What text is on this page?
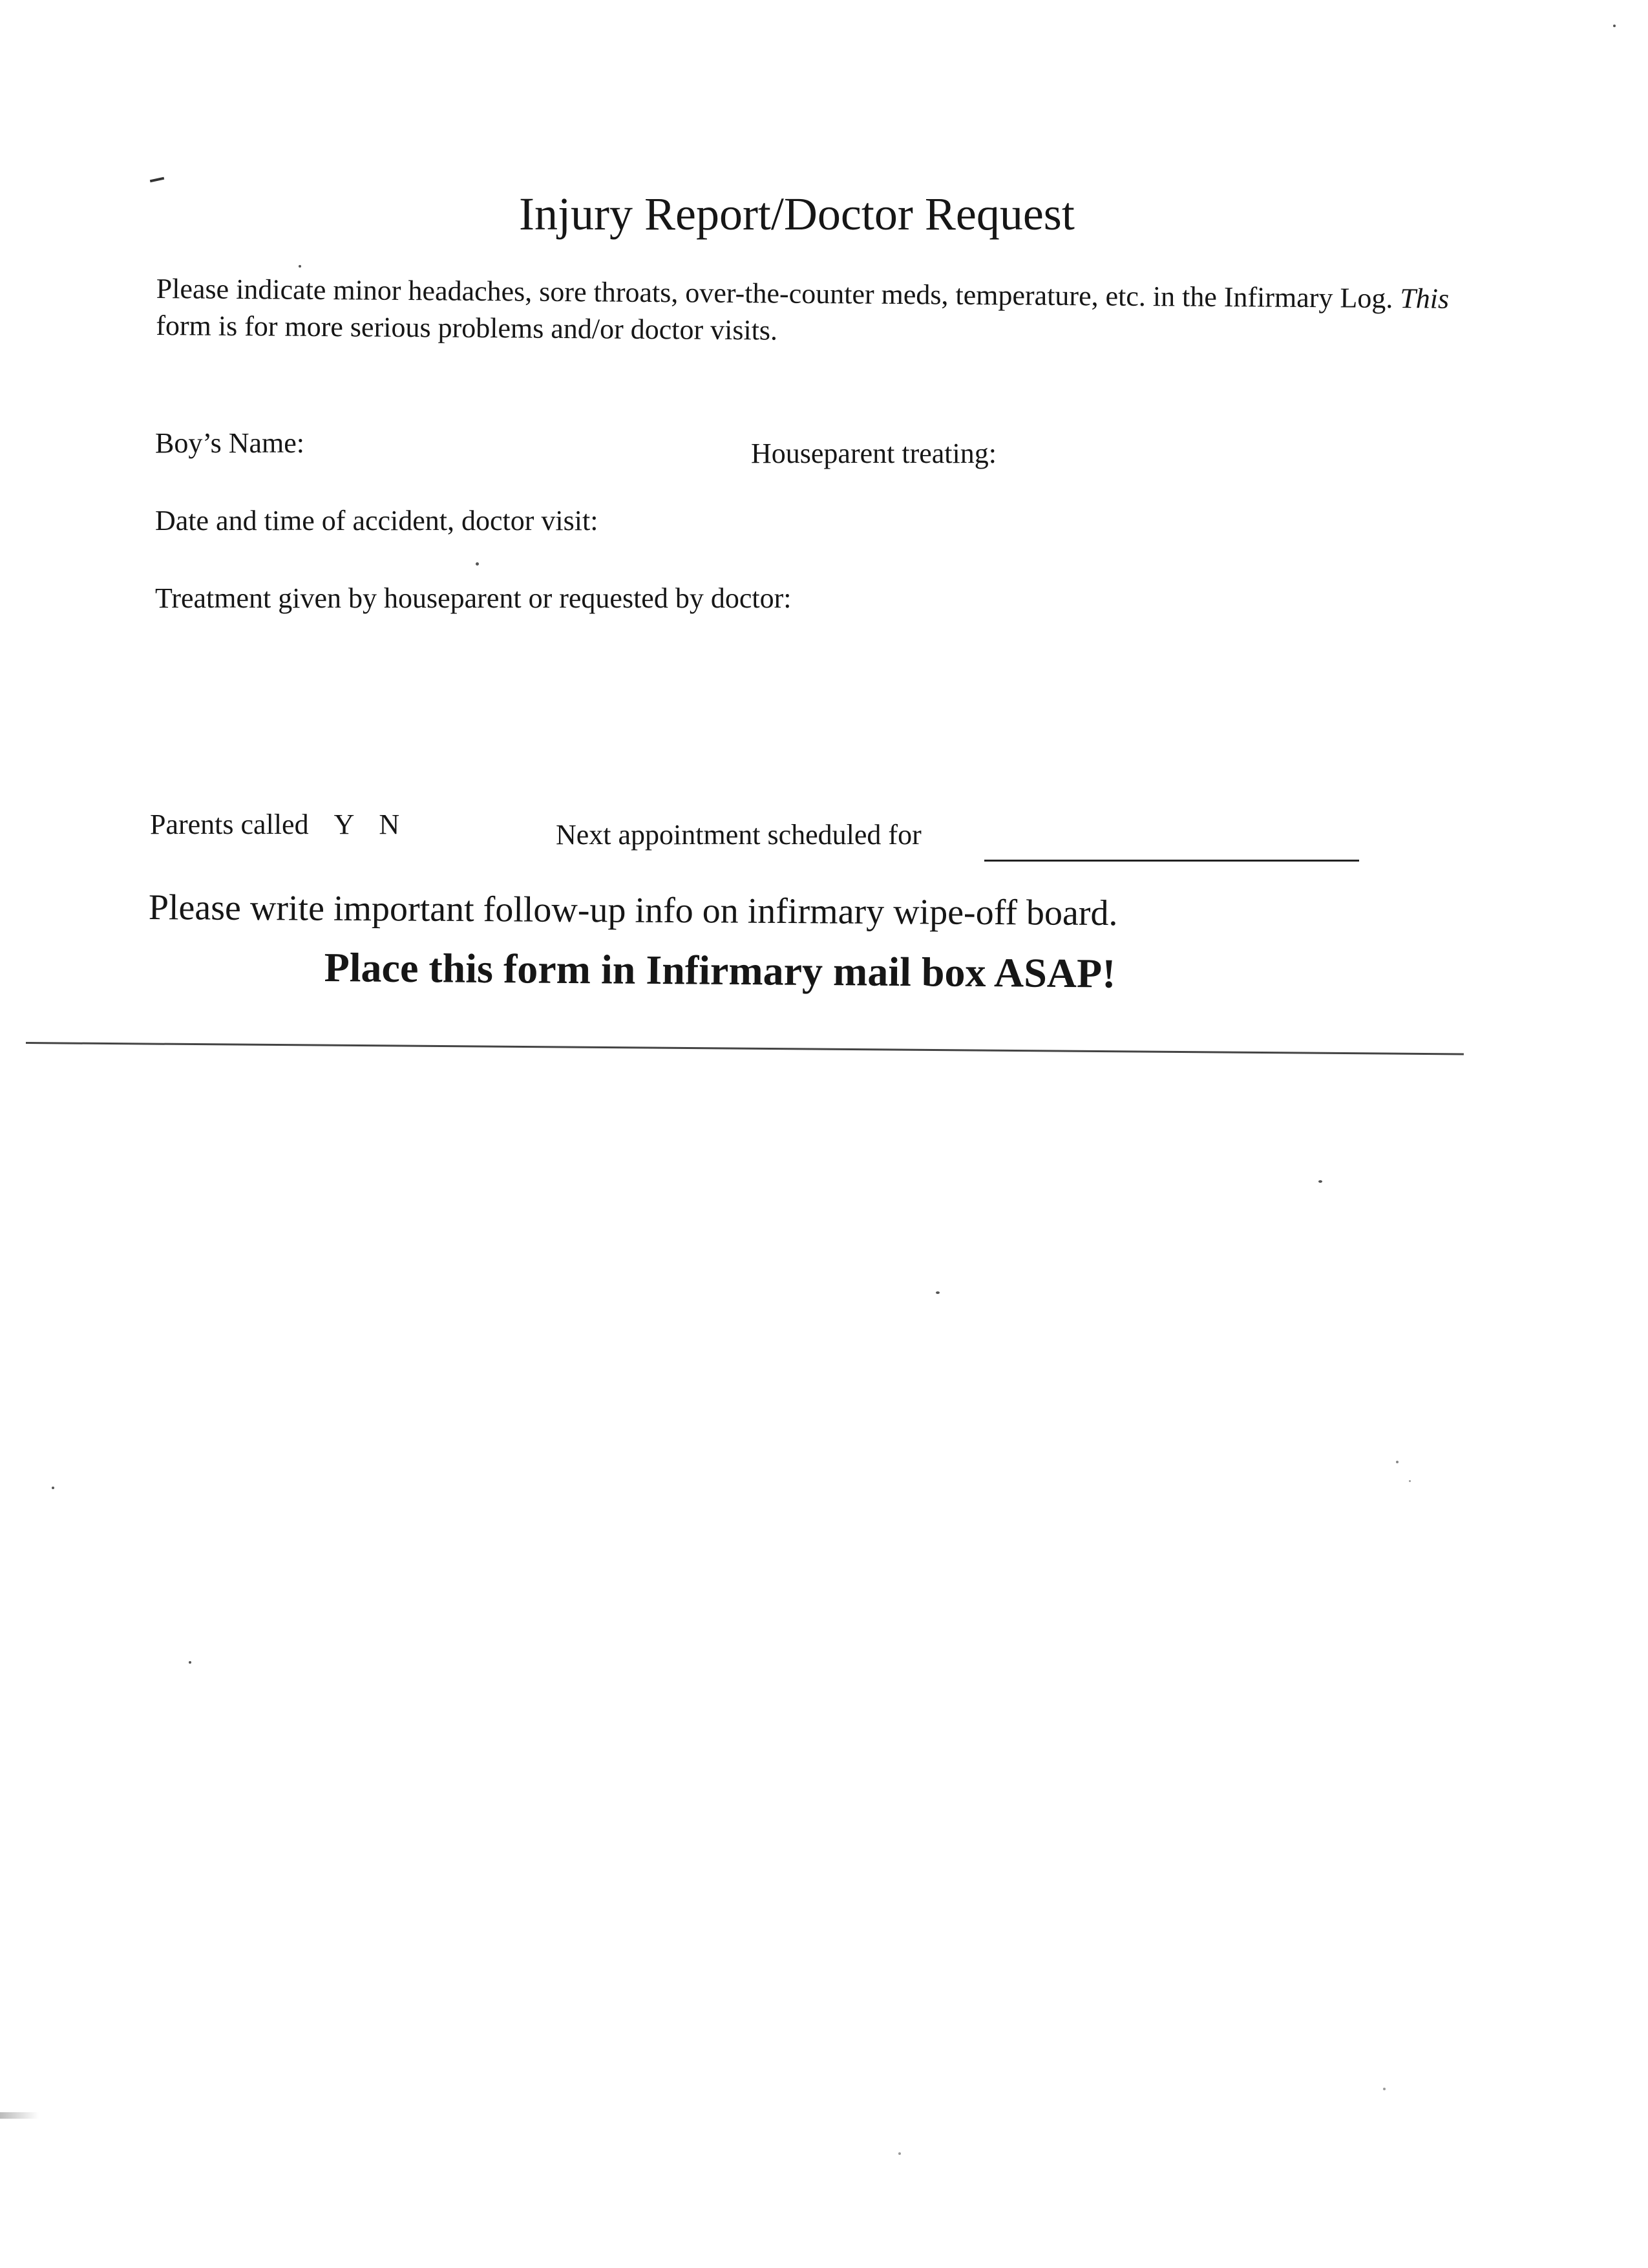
Injury Report/Doctor Request
Please indicate minor headaches, sore throats, over-the-counter meds, temperature, etc. in the Infirmary Log. This form is for more serious problems and/or doctor visits.
Boy’s Name:	Houseparent treating:
Date and time of accident, doctor visit:
Treatment given by houseparent or requested by doctor:
Parents called Y N	Next appointment scheduled for
Please write important follow-up info on infirmary wipe-off board.
Place this form in Infirmary mail box ASAP!
